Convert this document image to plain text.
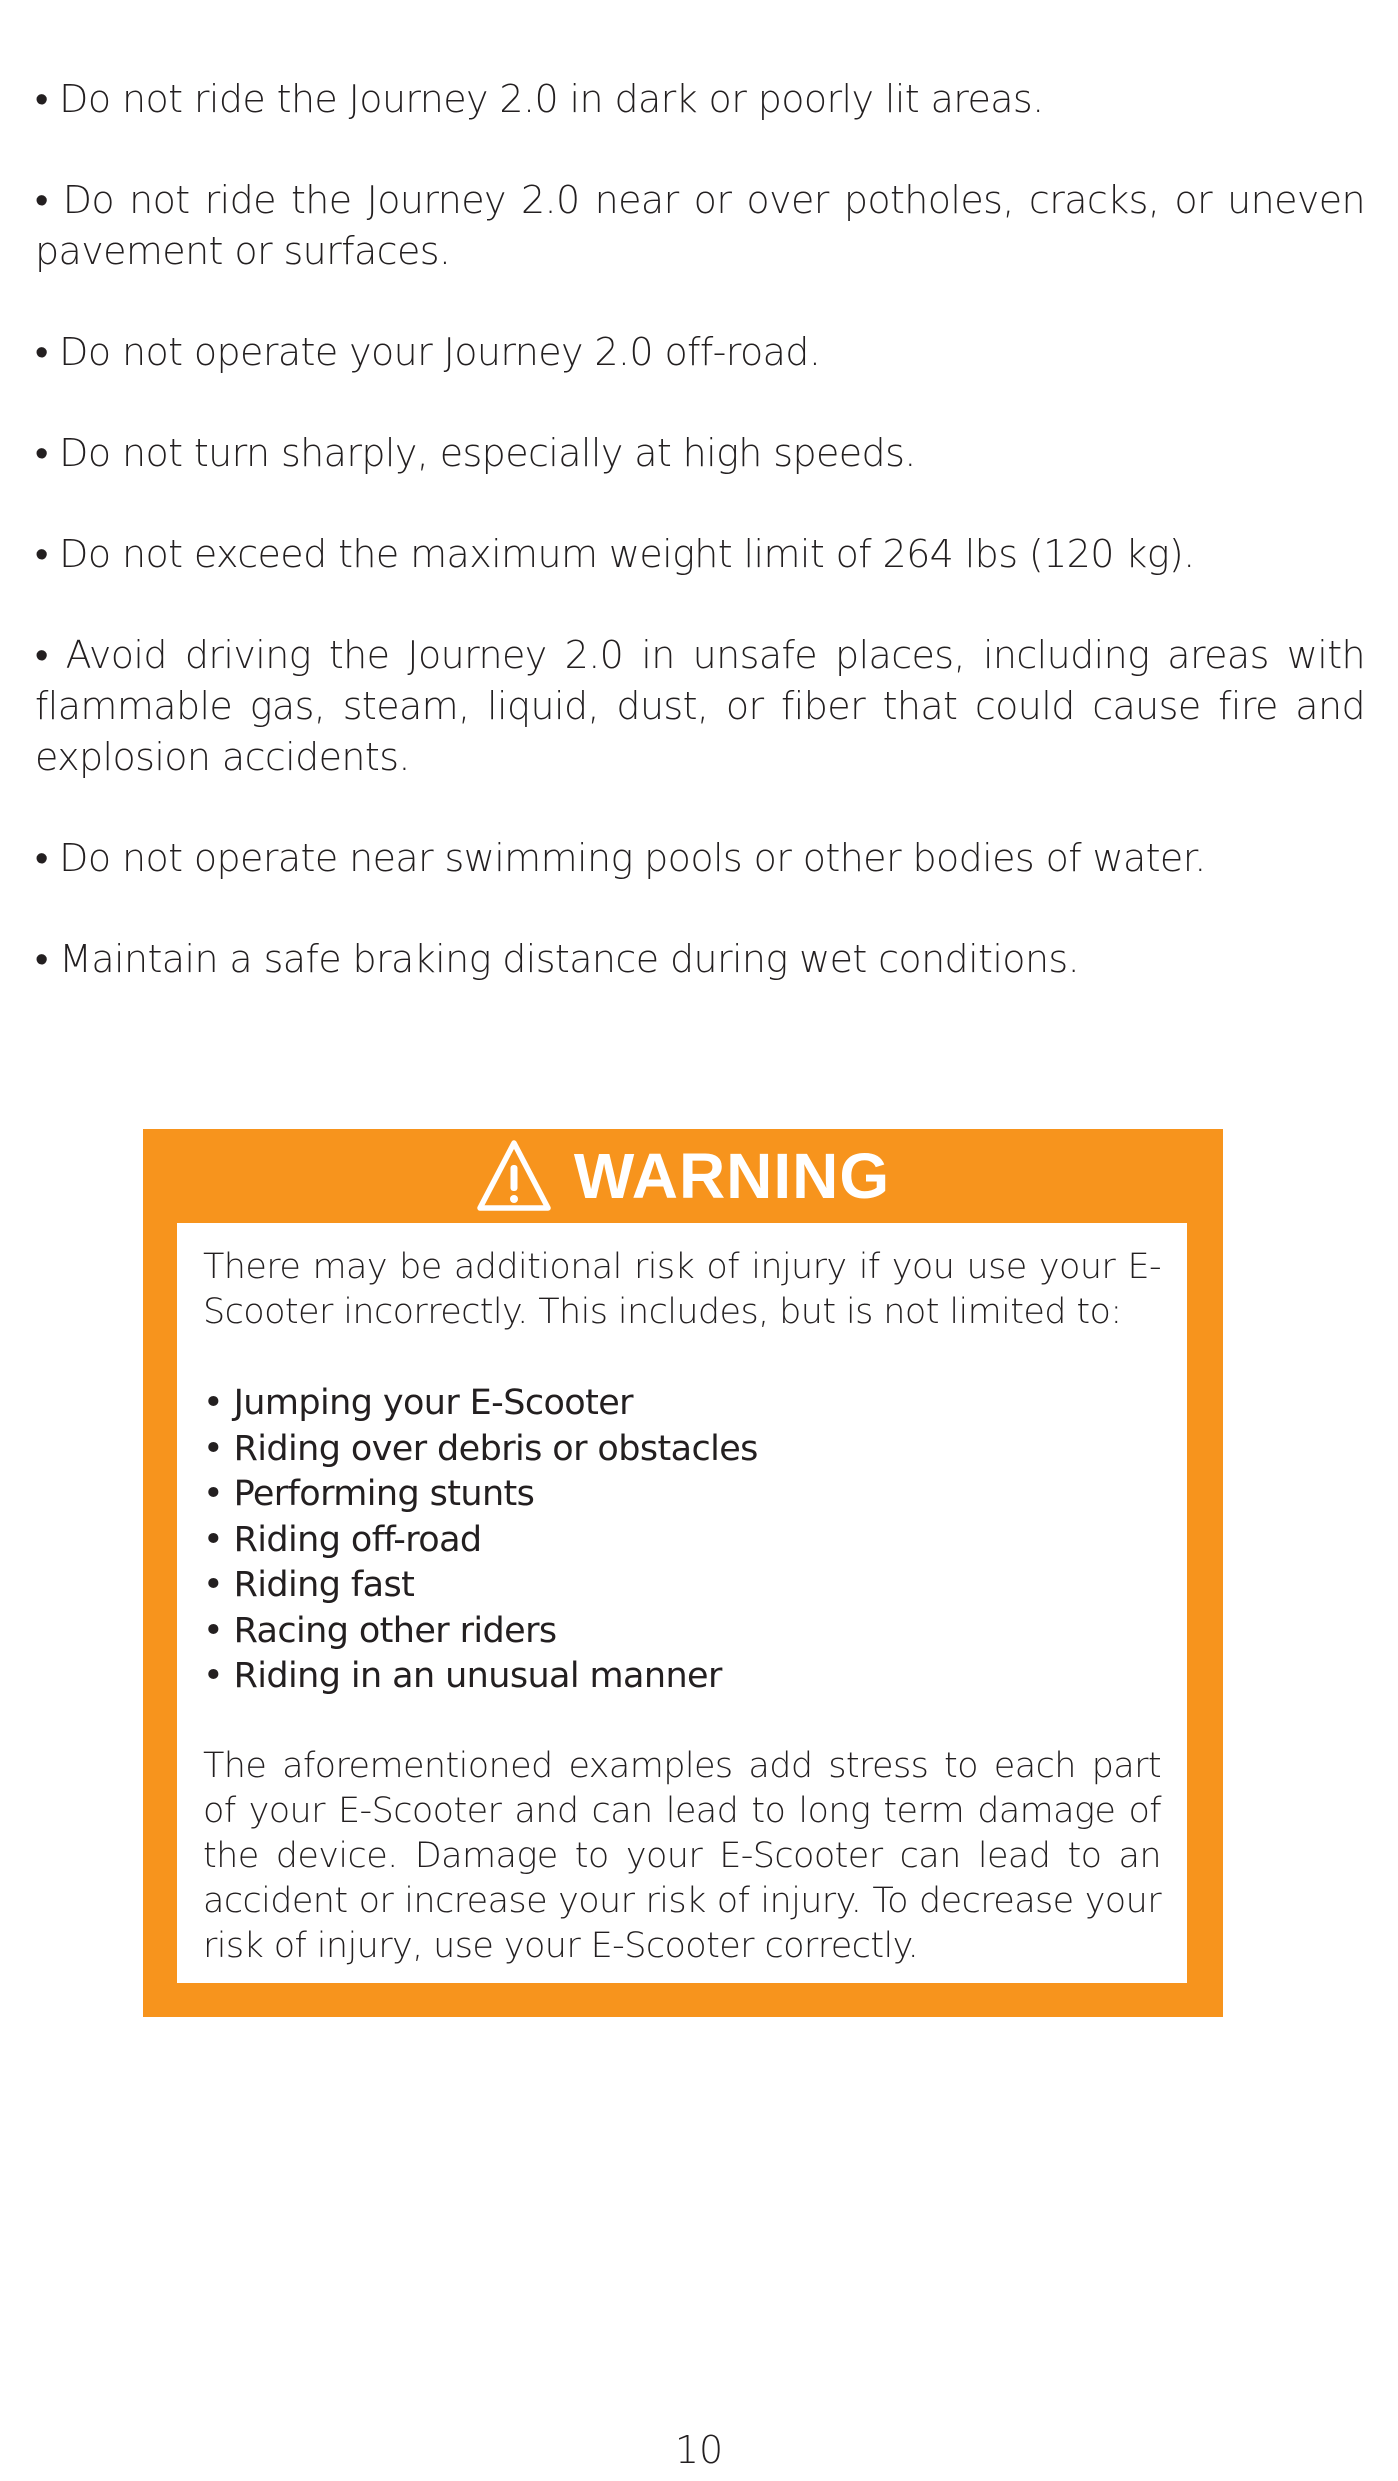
• Do not ride the Journey 2.0 in dark or poorly lit areas.

• Do not ride the Journey 2.0 near or over potholes, cracks, or uneven pavement or surfaces.

• Do not operate your Journey 2.0 off-road.

• Do not turn sharply, especially at high speeds.

• Do not exceed the maximum weight limit of 264 lbs (120 kg).

• Avoid driving the Journey 2.0 in unsafe places, including areas with flammable gas, steam, liquid, dust, or fiber that could cause fire and explosion accidents.

• Do not operate near swimming pools or other bodies of water.

• Maintain a safe braking distance during wet conditions.

WARNING

There may be additional risk of injury if you use your E-Scooter incorrectly. This includes, but is not limited to:

• Jumping your E-Scooter
• Riding over debris or obstacles
• Performing stunts
• Riding off-road
• Riding fast
• Racing other riders
• Riding in an unusual manner

The aforementioned examples add stress to each part of your E-Scooter and can lead to long term damage of the device. Damage to your E-Scooter can lead to an accident or increase your risk of injury. To decrease your risk of injury, use your E-Scooter correctly.

10
